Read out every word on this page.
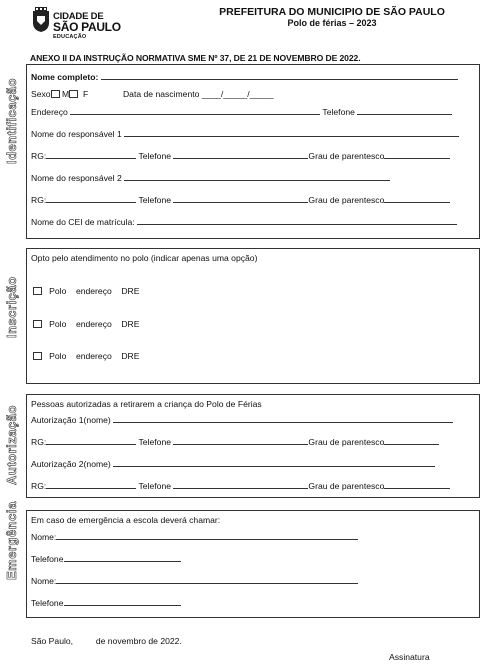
CIDADE DE
SÃO PAULO
EDUCAÇÃO
PREFEITURA DO MUNICIPIO DE SÃO PAULO
Polo de férias – 2023
ANEXO II DA INSTRUÇÃO NORMATIVA SME Nº 37, DE 21 DE NOVEMBRO DE 2022.
Identificação
Nome completo:
Sexo M F	Data de nascimento ____/_____/_____
Endereço	Telefone
Nome do responsável 1
RG:	Telefone	Grau de parentesco
Nome do responsável 2
RG:	Telefone	Grau de parentesco
Nome do CEI de matrícula:
Inscrição
Opto pelo atendimento no polo (indicar apenas uma opção)
Polo endereço DRE
Polo endereço DRE
Polo endereço DRE
Autorização
Pessoas autorizadas a retirarem a criança do Polo de Férias
Autorização 1(nome)
RG:	Telefone	Grau de parentesco
Autorização 2(nome)
RG:	Telefone	Grau de parentesco
Emergência	Em caso de emergência a escola deverá chamar:
Nome:
Telefone
Nome:
Telefone
São Paulo,	de novembro de 2022.
Assinatura
